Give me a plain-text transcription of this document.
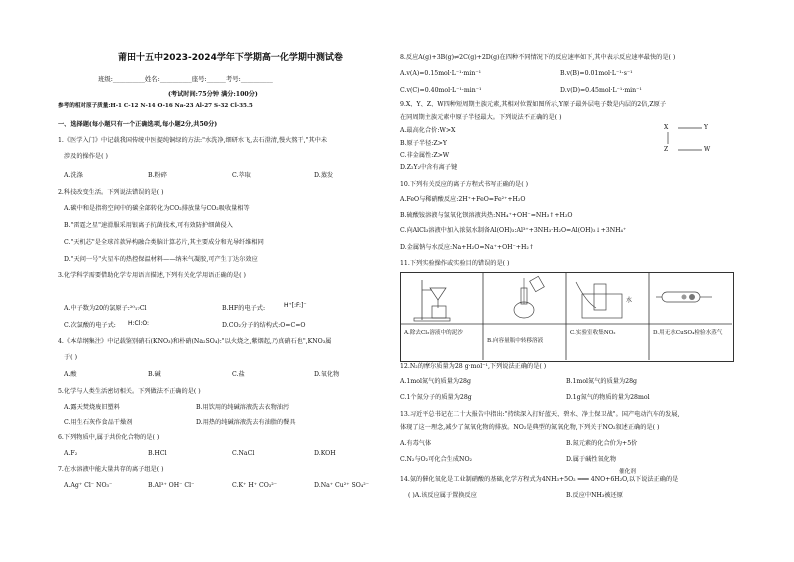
莆田十五中2023-2024学年下学期高一化学期中测试卷
班级:__________姓名:__________座号:______考号:__________
(考试时间:75分钟 满分:100分)
参考的相对原子质量:H-1 C-12 N-14 O-16 Na-23 Al-27 S-32 Cl-35.5
一、选择题(每小题只有一个正确选项,每小题2分,共50分)
1.《医学入门》中记载我国传统中医提纯铜绿的方法:"水洗净,细研水飞,去石澄清,慢火熬干,"其中未
涉及的操作是( )
A.洗涤	B.粉碎	C.萃取	D.蒸发
2.科技改变生活。下列说法错误的是( )
A.碳中和是指将空间中的碳全部转化为CO₂排放量与CO₂吸收量相等
B."雷霆之星"速滑服采用银离子抗菌技术,可有效防护细菌侵入
C."天机芯"是全球首款异构融合类脑计算芯片,其主要成分和光导纤维相同
D."天问一号"火星车的热控保温材料——纳米气凝胶,可产生丁达尔效应
3.化学科学需要借助化学专用语言描述,下列有关化学用语正确的是( )
A.中子数为20的氯原子:²⁰₁₇Cl	B.HF的电子式:	H⁺[:F:]⁻
C.次氯酸的电子式: H:Cl:O:	D.CO₂分子的结构式:O=C=O
4.《本草纲集注》中记载鉴别硝石(KNO₃)和朴硝(Na₂SO₄):"以火烧之,紫烟起,乃真硝石也",KNO₃属
于( )
A.酸	B.碱	C.盐	D.氧化物
5.化学与人类生活密切相关。下列做法不正确的是( )
A.露天焚烧废旧塑料	B.用饮用的纯碱溶液洗去衣物油污
C.用生石灰作食品干燥剂	D.用热的纯碱溶液洗去有油脂的餐具
6.下列物质中,属于共价化合物的是( )
A.F₂	B.HCl	C.NaCl	D.KOH
7.在水溶液中能大量共存的离子组是( )
A.Ag⁺ Cl⁻ NO₃⁻	B.Al³⁺ OH⁻ Cl⁻	C.K⁺ H⁺ CO₃²⁻	D.Na⁺ Cu²⁺ SO₄²⁻
8.反应A(g)+3B(g)⇌2C(g)+2D(g)在四种不同情况下的反应速率如下,其中表示反应速率最快的是( )
A.v(A)=0.15mol·L⁻¹·min⁻¹	B.v(B)=0.01mol·L⁻¹·s⁻¹
C.v(C)=0.40mol·L⁻¹·min⁻¹	D.v(D)=0.45mol·L⁻¹·min⁻¹
9.X、Y、Z、W四种短周期主族元素,其相对位置如图所示,Y原子最外层电子数是内层的2倍,Z原子
在同周期主族元素中原子半径最大。下列说法不正确的是( )
A.最高化合价:W>X
B.原子半径:Z>Y
C.非金属性:Z>W
D.Z₂Y₂中含有离子键
X	Y
Z	W
10.下列有关反应的离子方程式书写正确的是( )
A.FeO与稀硝酸反应:2H⁺+FeO=Fe²⁺+H₂O
B.硫酸铵溶液与氢氧化钡溶液共热:NH₄⁺+OH⁻=NH₃↑+H₂O
C.向AlCl₃溶液中加入浓氨水制备Al(OH)₃:Al³⁺+3NH₃·H₂O=Al(OH)₃↓+3NH₄⁺
D.金属钠与水反应:Na+H₂O=Na⁺+OH⁻+H₂↑
11.下列实验操作或实验目的错误的是( )
水
A.除去Cl₂溶液中的泥沙
B.向容量瓶中转移溶液
C.实验室收集NO₂	D.用无水CuSO₄检验水蒸气
12.N₂的摩尔质量为28 g·mol⁻¹,下列说法正确的是( )
A.1mol氮气的质量为28g	B.1mol氮气的质量为28g
C.1个氮分子的质量为28g	D.1g氮气的物质的量为28mol
13.习近平总书记在二十大报告中指出:"持续深入打好蓝天、碧水、净土保卫战"。国产电动汽车的发展,
体现了这一理念,减少了氮氧化物的排放。NO₂是典型的氮氧化物,下列关于NO₂叙述正确的是( )
A.有毒气体	B.氮元素的化合价为+5价
C.N₂与O₂可化合生成NO₂	D.属于碱性氧化物
催化剂
14.氨的催化氧化是工业制硝酸的基础,化学方程式为4NH₃+5O₂ ═══ 4NO+6H₂O,以下说法正确的是
( )A.该反应属于置换反应	B.反应中NH₃被还原
